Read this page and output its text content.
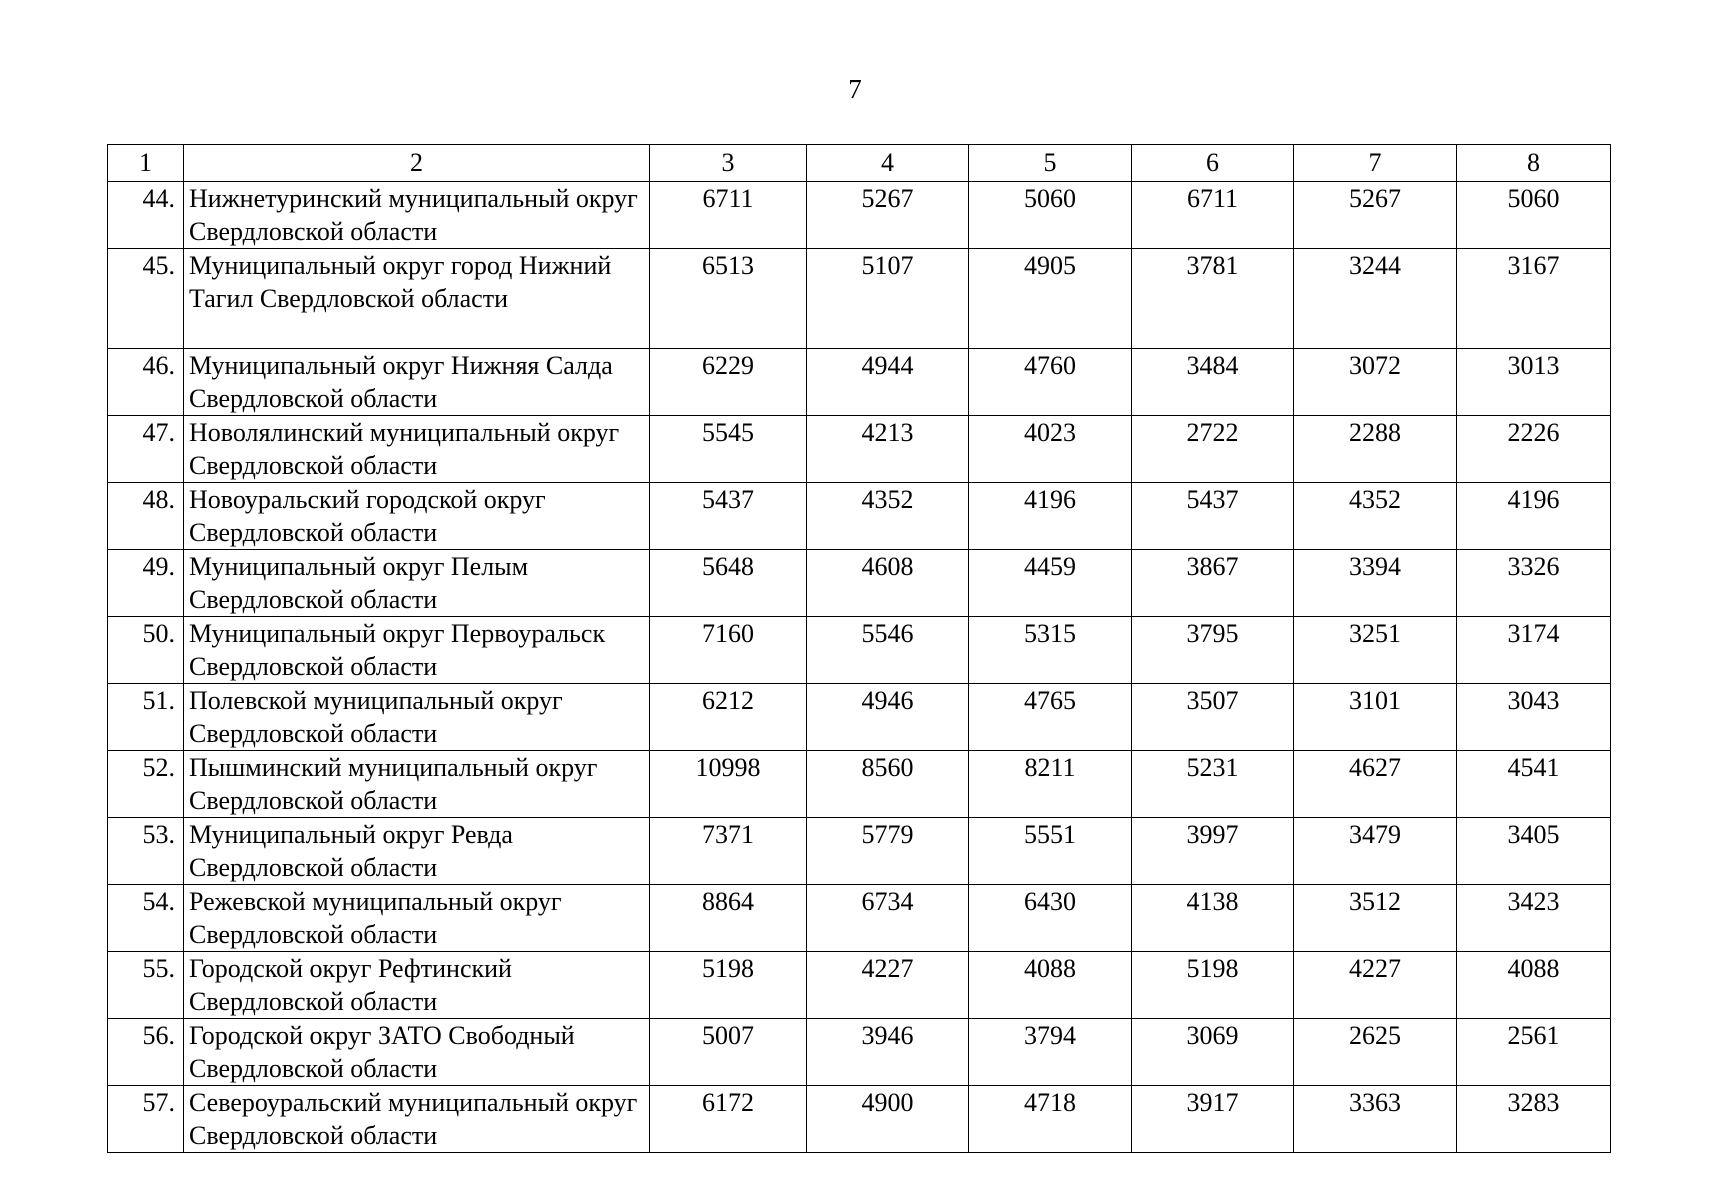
7
1	2	3	4	5	6	7	8
44.	Нижнетуринский муниципальный округ Свердловской области	6711	5267	5060	6711	5267	5060
45.	Муниципальный округ город Нижний Тагил Свердловской области	6513	5107	4905	3781	3244	3167
46.	Муниципальный округ Нижняя Салда Свердловской области	6229	4944	4760	3484	3072	3013
47.	Новолялинский муниципальный округ Свердловской области	5545	4213	4023	2722	2288	2226
48.	Новоуральский городской округ Свердловской области	5437	4352	4196	5437	4352	4196
49.	Муниципальный округ Пелым Свердловской области	5648	4608	4459	3867	3394	3326
50.	Муниципальный округ Первоуральск Свердловской области	7160	5546	5315	3795	3251	3174
51.	Полевской муниципальный округ Свердловской области	6212	4946	4765	3507	3101	3043
52.	Пышминский муниципальный округ Свердловской области	10998	8560	8211	5231	4627	4541
53.	Муниципальный округ Ревда Свердловской области	7371	5779	5551	3997	3479	3405
54.	Режевской муниципальный округ Свердловской области	8864	6734	6430	4138	3512	3423
55.	Городской округ Рефтинский Свердловской области	5198	4227	4088	5198	4227	4088
56.	Городской округ ЗАТО Свободный Свердловской области	5007	3946	3794	3069	2625	2561
57.	Североуральский муниципальный округ Свердловской области	6172	4900	4718	3917	3363	3283
